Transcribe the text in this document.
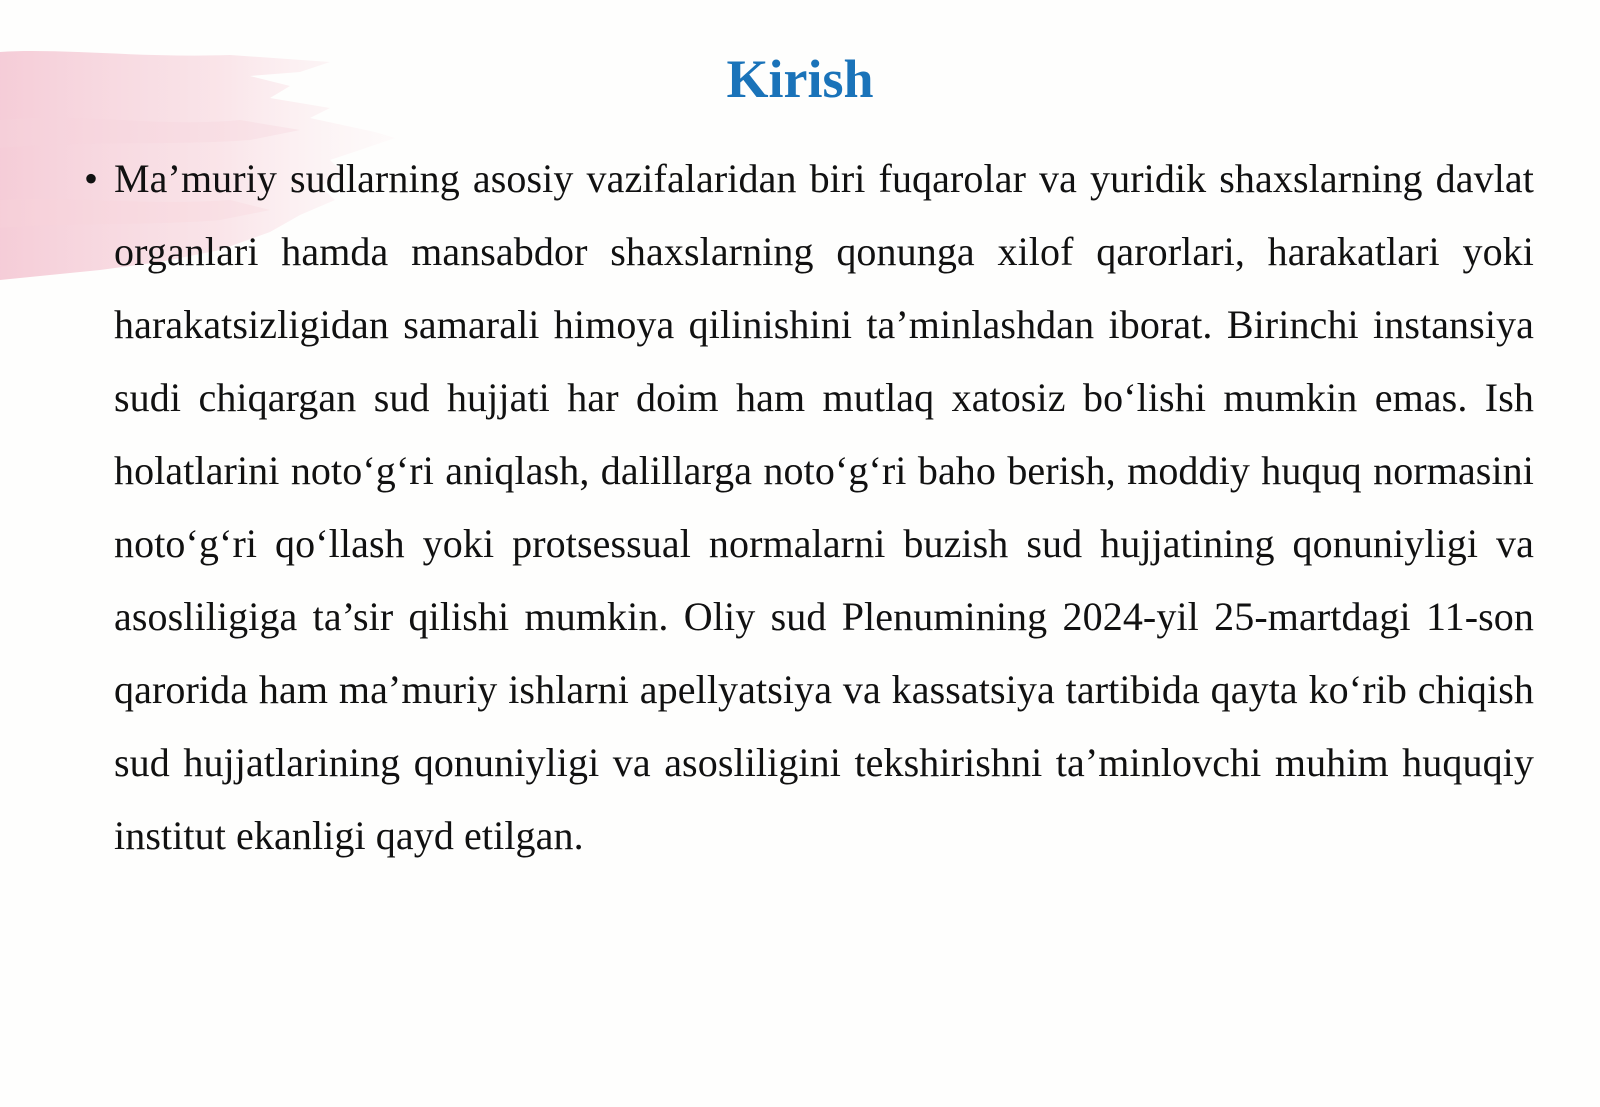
Kirish
• Ma’muriy sudlarning asosiy vazifalaridan biri fuqarolar va yuridik shaxslarning davlat organlari hamda mansabdor shaxslarning qonunga xilof qarorlari, harakatlari yoki harakatsizligidan samarali himoya qilinishini ta’minlashdan iborat. Birinchi instansiya sudi chiqargan sud hujjati har doim ham mutlaq xatosiz bo‘lishi mumkin emas. Ish holatlarini noto‘g‘ri aniqlash, dalillarga noto‘g‘ri baho berish, moddiy huquq normasini noto‘g‘ri qo‘llash yoki protsessual normalarni buzish sud hujjatining qonuniyligi va asosliligiga ta’sir qilishi mumkin. Oliy sud Plenumining 2024-yil 25-martdagi 11-son qarorida ham ma’muriy ishlarni apellyatsiya va kassatsiya tartibida qayta ko‘rib chiqish sud hujjatlarining qonuniyligi va asosliligini tekshirishni ta’minlovchi muhim huquqiy institut ekanligi qayd etilgan.
